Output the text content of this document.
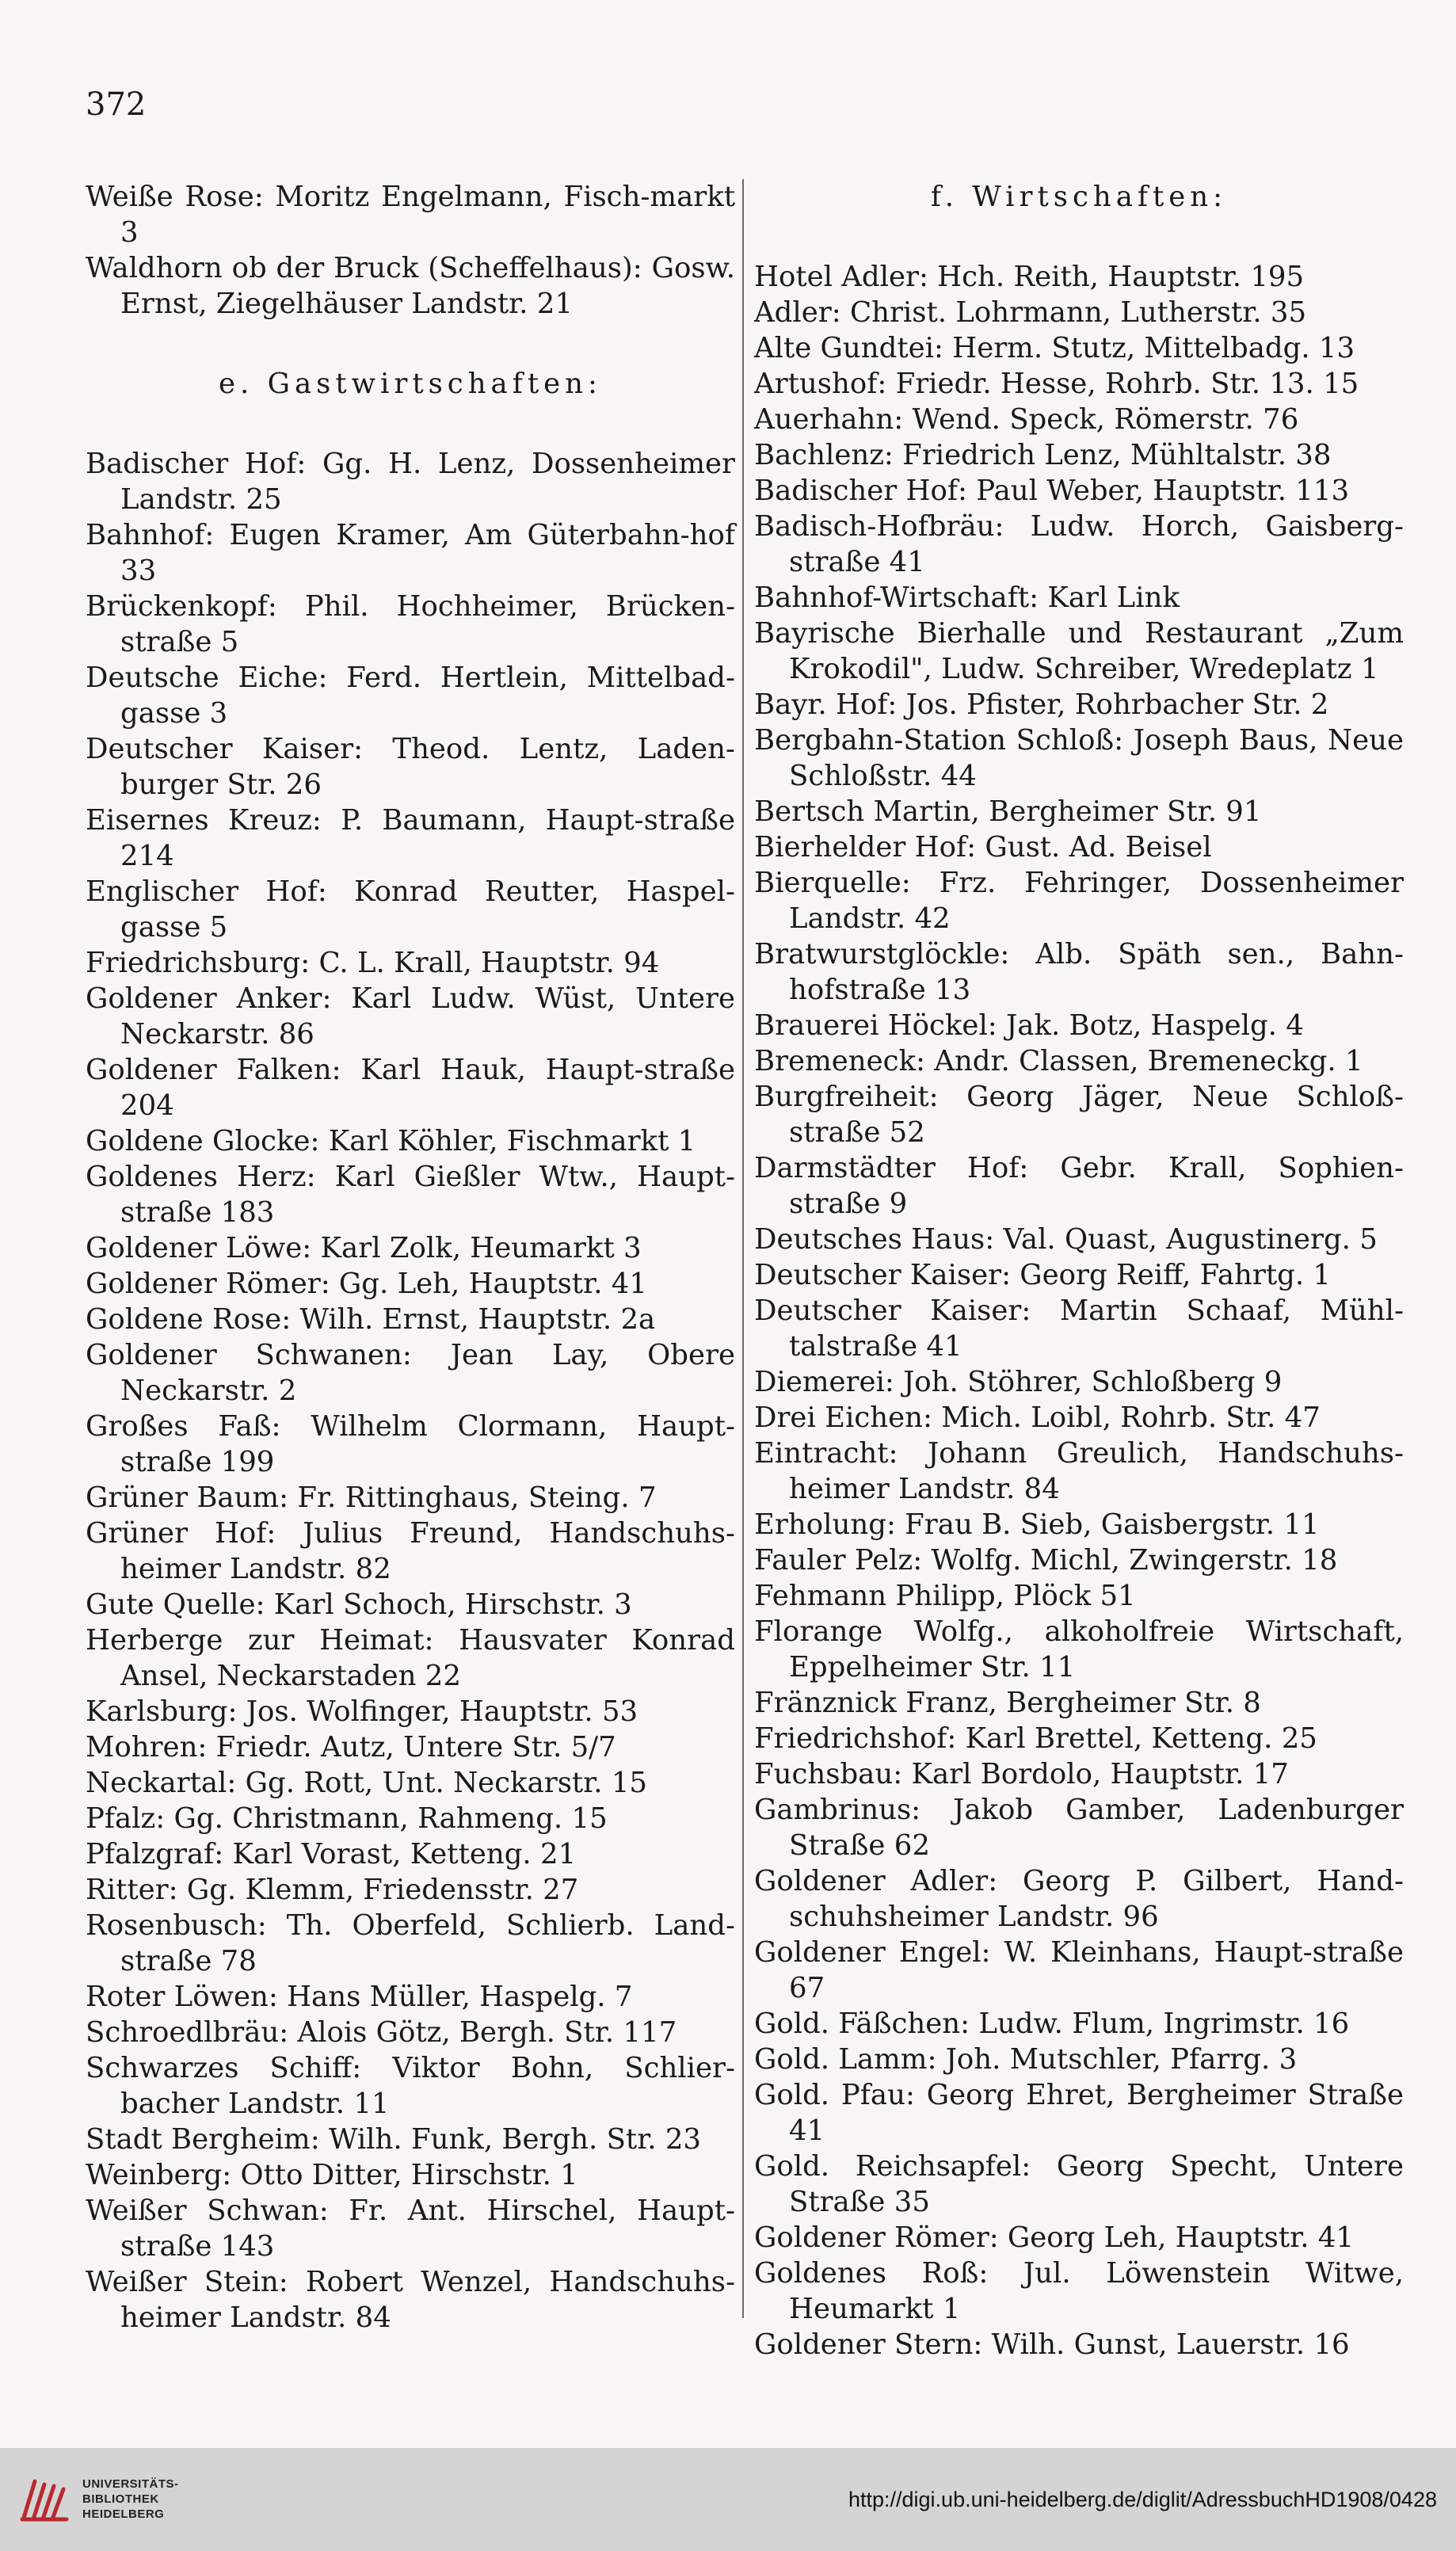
372
Weiße Rose: Moritz Engelmann, Fisch-markt 3
Waldhorn ob der Bruck (Scheffelhaus): Gosw. Ernst, Ziegelhäuser Landstr. 21
e. Gastwirtschaften:
Badischer Hof: Gg. H. Lenz, Dossenheimer Landstr. 25
Bahnhof: Eugen Kramer, Am Güterbahn-hof 33
Brückenkopf: Phil. Hochheimer, Brücken-straße 5
Deutsche Eiche: Ferd. Hertlein, Mittelbad-gasse 3
Deutscher Kaiser: Theod. Lentz, Laden-burger Str. 26
Eisernes Kreuz: P. Baumann, Haupt-straße 214
Englischer Hof: Konrad Reutter, Haspel-gasse 5
Friedrichsburg: C. L. Krall, Hauptstr. 94
Goldener Anker: Karl Ludw. Wüst, Untere Neckarstr. 86
Goldener Falken: Karl Hauk, Haupt-straße 204
Goldene Glocke: Karl Köhler, Fischmarkt 1
Goldenes Herz: Karl Gießler Wtw., Haupt-straße 183
Goldener Löwe: Karl Zolk, Heumarkt 3
Goldener Römer: Gg. Leh, Hauptstr. 41
Goldene Rose: Wilh. Ernst, Hauptstr. 2a
Goldener Schwanen: Jean Lay, Obere Neckarstr. 2
Großes Faß: Wilhelm Clormann, Haupt-straße 199
Grüner Baum: Fr. Rittinghaus, Steing. 7
Grüner Hof: Julius Freund, Handschuhs-heimer Landstr. 82
Gute Quelle: Karl Schoch, Hirschstr. 3
Herberge zur Heimat: Hausvater Konrad Ansel, Neckarstaden 22
Karlsburg: Jos. Wolfinger, Hauptstr. 53
Mohren: Friedr. Autz, Untere Str. 5/7
Neckartal: Gg. Rott, Unt. Neckarstr. 15
Pfalz: Gg. Christmann, Rahmeng. 15
Pfalzgraf: Karl Vorast, Ketteng. 21
Ritter: Gg. Klemm, Friedensstr. 27
Rosenbusch: Th. Oberfeld, Schlierb. Land-straße 78
Roter Löwen: Hans Müller, Haspelg. 7
Schroedlbräu: Alois Götz, Bergh. Str. 117
Schwarzes Schiff: Viktor Bohn, Schlier-bacher Landstr. 11
Stadt Bergheim: Wilh. Funk, Bergh. Str. 23
Weinberg: Otto Ditter, Hirschstr. 1
Weißer Schwan: Fr. Ant. Hirschel, Haupt-straße 143
Weißer Stein: Robert Wenzel, Handschuhs-heimer Landstr. 84
f. Wirtschaften:
Hotel Adler: Hch. Reith, Hauptstr. 195
Adler: Christ. Lohrmann, Lutherstr. 35
Alte Gundtei: Herm. Stutz, Mittelbadg. 13
Artushof: Friedr. Hesse, Rohrb. Str. 13. 15
Auerhahn: Wend. Speck, Römerstr. 76
Bachlenz: Friedrich Lenz, Mühltalstr. 38
Badischer Hof: Paul Weber, Hauptstr. 113
Badisch-Hofbräu: Ludw. Horch, Gaisberg-straße 41
Bahnhof-Wirtschaft: Karl Link
Bayrische Bierhalle und Restaurant „Zum Krokodil", Ludw. Schreiber, Wredeplatz 1
Bayr. Hof: Jos. Pfister, Rohrbacher Str. 2
Bergbahn-Station Schloß: Joseph Baus, Neue Schloßstr. 44
Bertsch Martin, Bergheimer Str. 91
Bierhelder Hof: Gust. Ad. Beisel
Bierquelle: Frz. Fehringer, Dossenheimer Landstr. 42
Bratwurstglöckle: Alb. Späth sen., Bahn-hofstraße 13
Brauerei Höckel: Jak. Botz, Haspelg. 4
Bremeneck: Andr. Classen, Bremeneckg. 1
Burgfreiheit: Georg Jäger, Neue Schloß-straße 52
Darmstädter Hof: Gebr. Krall, Sophien-straße 9
Deutsches Haus: Val. Quast, Augustinerg. 5
Deutscher Kaiser: Georg Reiff, Fahrtg. 1
Deutscher Kaiser: Martin Schaaf, Mühl-talstraße 41
Diemerei: Joh. Stöhrer, Schloßberg 9
Drei Eichen: Mich. Loibl, Rohrb. Str. 47
Eintracht: Johann Greulich, Handschuhs-heimer Landstr. 84
Erholung: Frau B. Sieb, Gaisbergstr. 11
Fauler Pelz: Wolfg. Michl, Zwingerstr. 18
Fehmann Philipp, Plöck 51
Florange Wolfg., alkoholfreie Wirtschaft, Eppelheimer Str. 11
Fränznick Franz, Bergheimer Str. 8
Friedrichshof: Karl Brettel, Ketteng. 25
Fuchsbau: Karl Bordolo, Hauptstr. 17
Gambrinus: Jakob Gamber, Ladenburger Straße 62
Goldener Adler: Georg P. Gilbert, Hand-schuhsheimer Landstr. 96
Goldener Engel: W. Kleinhans, Haupt-straße 67
Gold. Fäßchen: Ludw. Flum, Ingrimstr. 16
Gold. Lamm: Joh. Mutschler, Pfarrg. 3
Gold. Pfau: Georg Ehret, Bergheimer Straße 41
Gold. Reichsapfel: Georg Specht, Untere Straße 35
Goldener Römer: Georg Leh, Hauptstr. 41
Goldenes Roß: Jul. Löwenstein Witwe, Heumarkt 1
Goldener Stern: Wilh. Gunst, Lauerstr. 16
UNIVERSITÄTS-
BIBLIOTHEK
HEIDELBERG
http://digi.ub.uni-heidelberg.de/diglit/AdressbuchHD1908/0428
